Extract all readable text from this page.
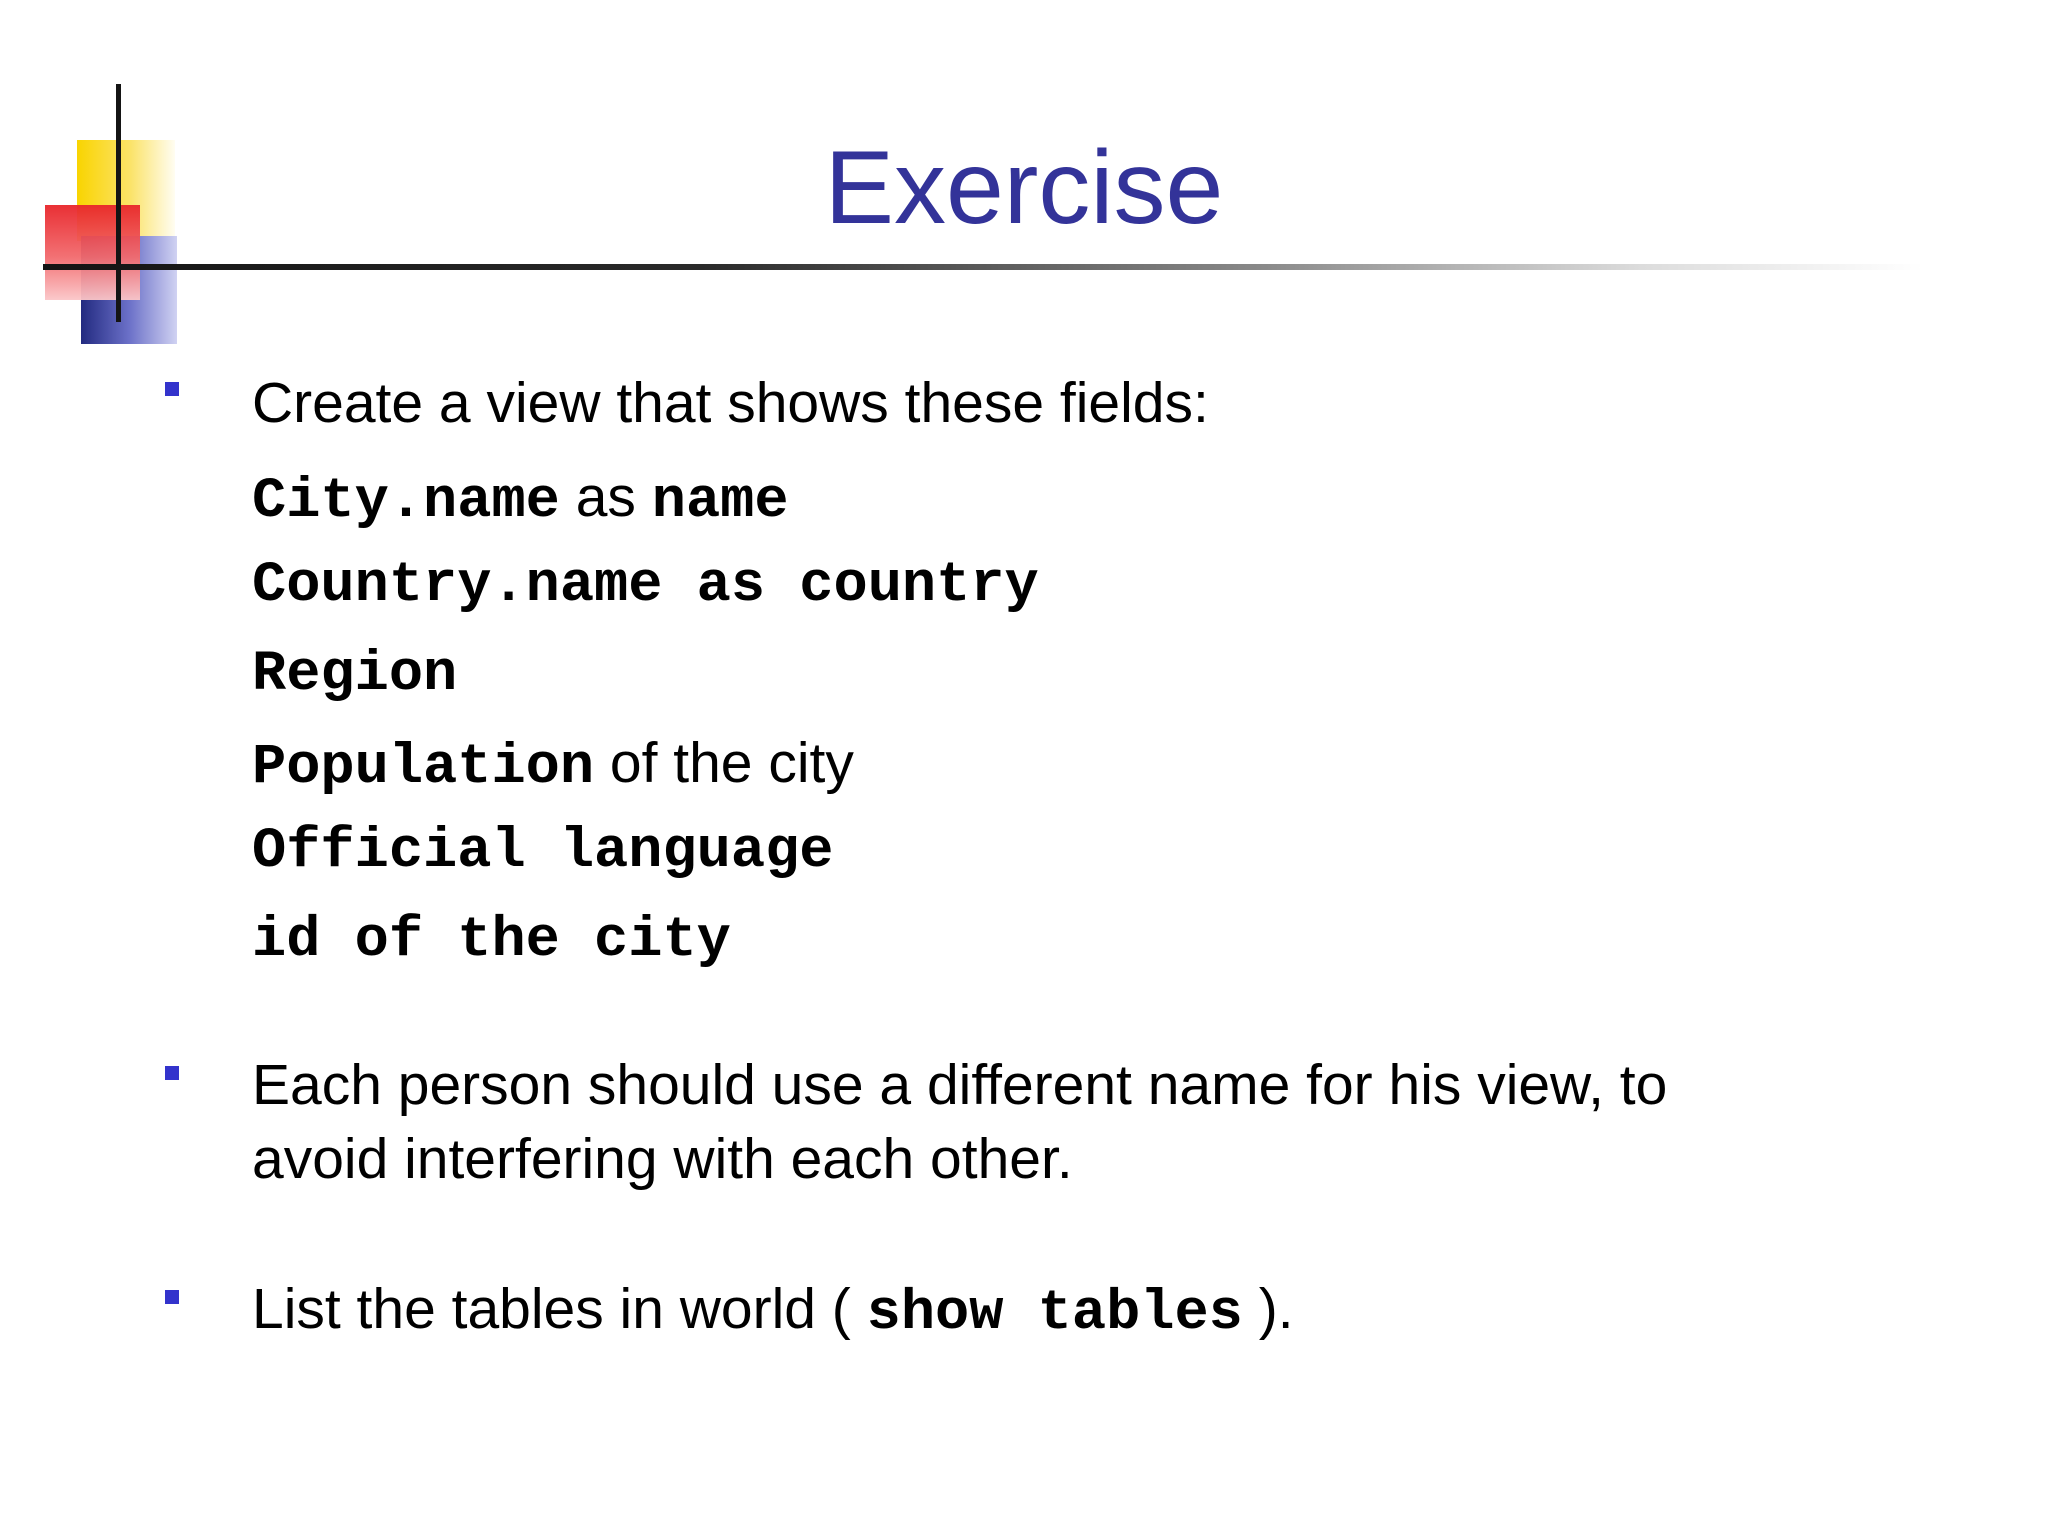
Exercise
Create a view that shows these fields:
City.name as name
Country.name as country
Region
Population of the city
Official language
id of the city
Each person should use a different name for his view, to
avoid interfering with each other.
List the tables in world ( show tables ).
